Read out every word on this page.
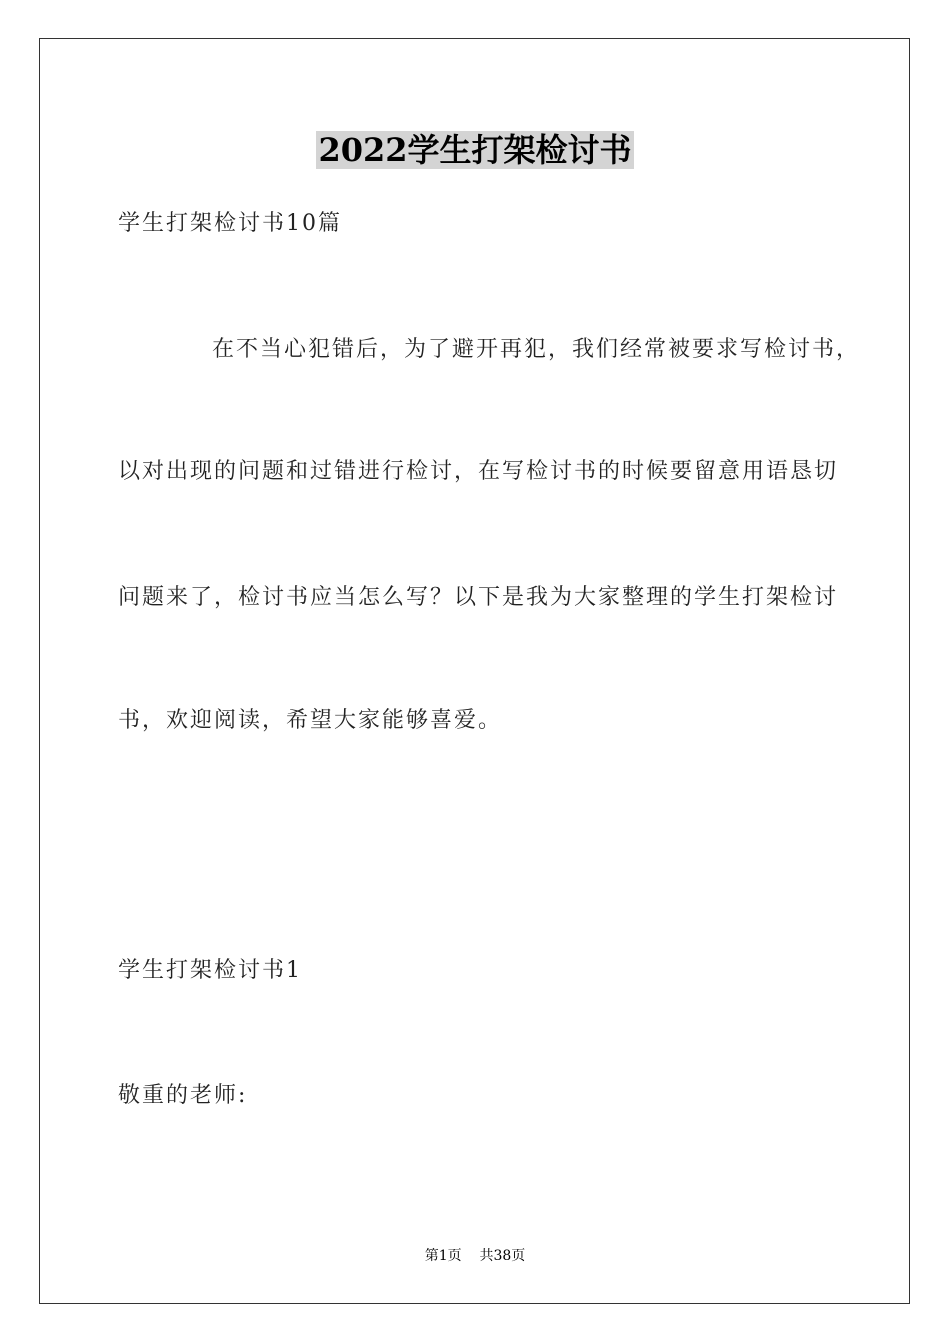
2022学生打架检讨书

学生打架检讨书10篇

在不当心犯错后，为了避开再犯，我们经常被要求写检讨书，

以对出现的问题和过错进行检讨，在写检讨书的时候要留意用语恳切

问题来了，检讨书应当怎么写？以下是我为大家整理的学生打架检讨

书，欢迎阅读，希望大家能够喜爱。

学生打架检讨书1

敬重的老师:

第1页    共38页
